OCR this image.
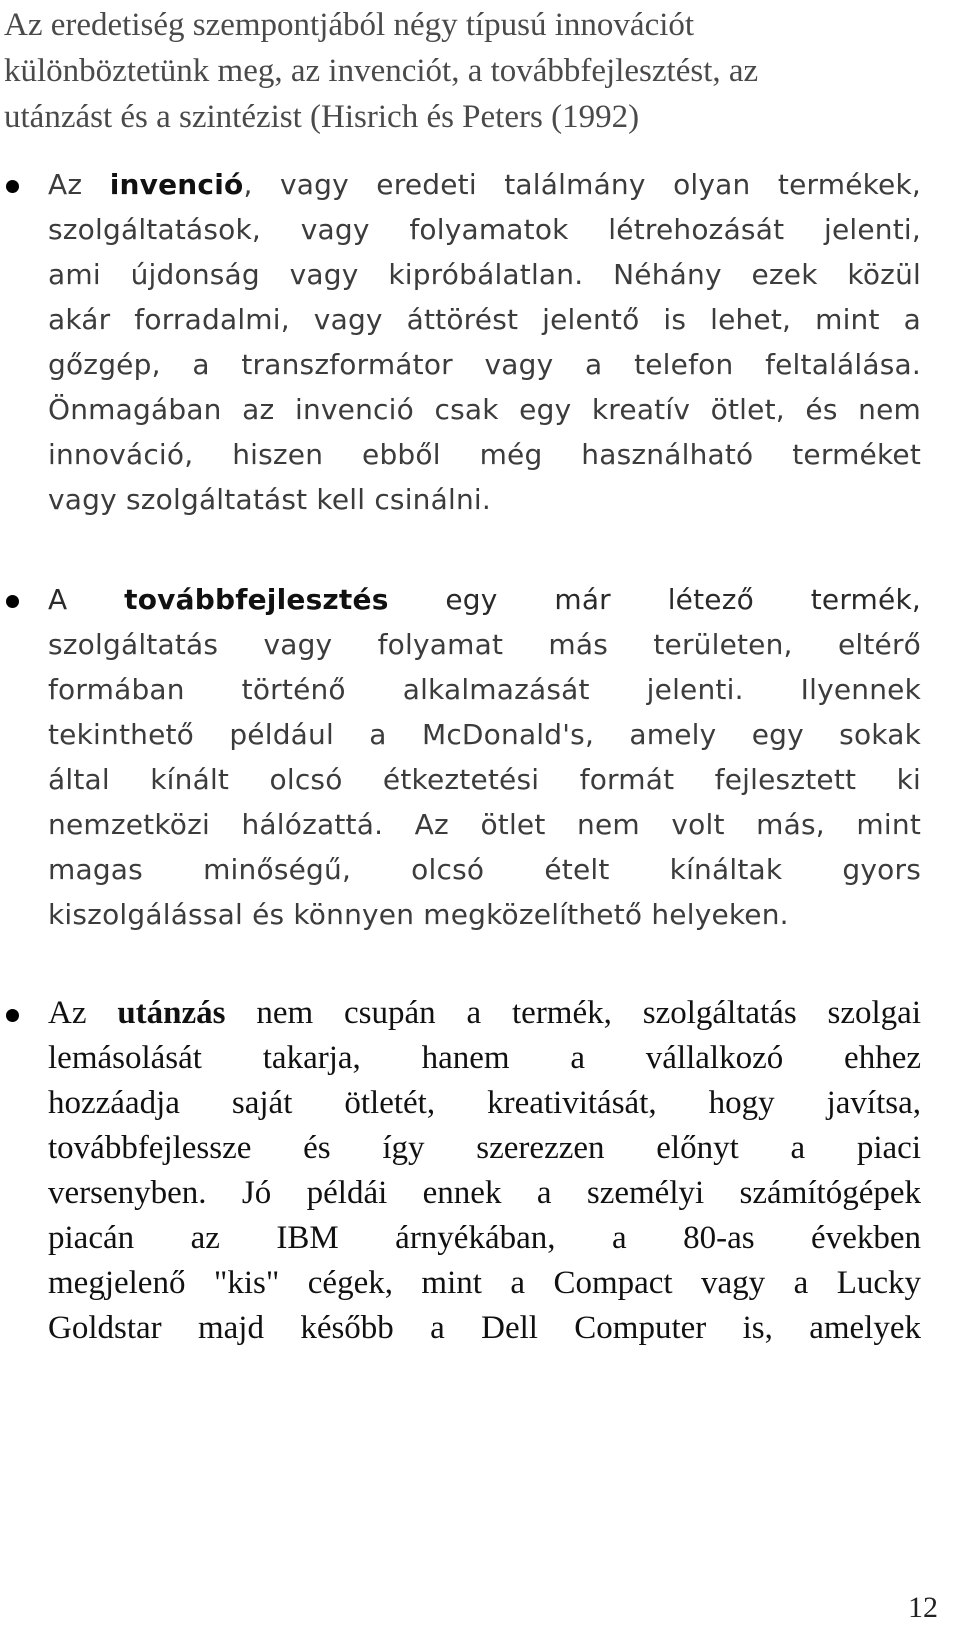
Az eredetiség szempontjából négy típusú innovációt
különböztetünk meg, az invenciót, a továbbfejlesztést, az
utánzást és a szintézist (Hisrich és Peters (1992)

Az invenció, vagy eredeti találmány olyan termékek,
szolgáltatások, vagy folyamatok létrehozását jelenti,
ami újdonság vagy kipróbálatlan. Néhány ezek közül
akár forradalmi, vagy áttörést jelentő is lehet, mint a
gőzgép, a transzformátor vagy a telefon feltalálása.
Önmagában az invenció csak egy kreatív ötlet, és nem
innováció, hiszen ebből még használható terméket
vagy szolgáltatást kell csinálni.

A továbbfejlesztés egy már létező termék,
szolgáltatás vagy folyamat más területen, eltérő
formában történő alkalmazását jelenti. Ilyennek
tekinthető például a McDonald's, amely egy sokak
által kínált olcsó étkeztetési formát fejlesztett ki
nemzetközi hálózattá. Az ötlet nem volt más, mint
magas minőségű, olcsó ételt kínáltak gyors
kiszolgálással és könnyen megközelíthető helyeken.

Az utánzás nem csupán a termék, szolgáltatás szolgai
lemásolását takarja, hanem a vállalkozó ehhez
hozzáadja saját ötletét, kreativitását, hogy javítsa,
továbbfejlessze és így szerezzen előnyt a piaci
versenyben. Jó példái ennek a személyi számítógépek
piacán az IBM árnyékában, a 80-as években
megjelenő "kis" cégek, mint a Compact vagy a Lucky
Goldstar majd később a Dell Computer is, amelyek

12
